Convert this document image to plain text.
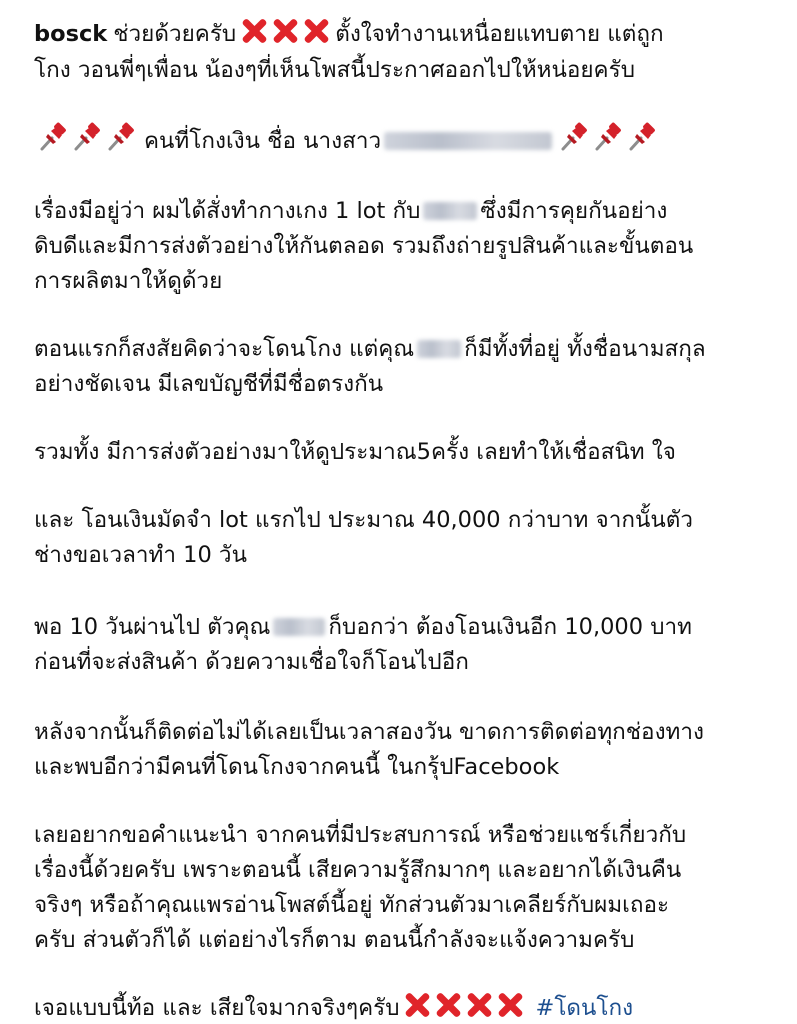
bosck ช่วยด้วยครับ	ตั้งใจทำงานเหนื่อยแทบตาย แต่ถูก
โกง วอนพี่ๆเพื่อน น้องๆที่เห็นโพสนี้ประกาศออกไปให้หน่อยครับ
คนที่โกงเงิน ชื่อ นางสาว
เรื่องมีอยู่ว่า ผมได้สั่งทำกางเกง 1 lot กับ	ซึ่งมีการคุยกันอย่าง
ดิบดีและมีการส่งตัวอย่างให้กันตลอด รวมถึงถ่ายรูปสินค้าและขั้นตอน
การผลิตมาให้ดูด้วย
ตอนแรกก็สงสัยคิดว่าจะโดนโกง แต่คุณ ก็มีทั้งที่อยู่ ทั้งชื่อนามสกุล
อย่างชัดเจน มีเลขบัญชีที่มีชื่อตรงกัน
รวมทั้ง มีการส่งตัวอย่างมาให้ดูประมาณ5ครั้ง เลยทำให้เชื่อสนิท ใจ
และ โอนเงินมัดจำ lot แรกไป ประมาณ 40,000 กว่าบาท จากนั้นตัว
ช่างขอเวลาทำ 10 วัน
พอ 10 วันผ่านไป ตัวคุณ	ก็บอกว่า ต้องโอนเงินอีก 10,000 บาท
ก่อนที่จะส่งสินค้า ด้วยความเชื่อใจก็โอนไปอีก
หลังจากนั้นก็ติดต่อไม่ได้เลยเป็นเวลาสองวัน ขาดการติดต่อทุกช่องทาง
และพบอีกว่ามีคนที่โดนโกงจากคนนี้ ในกรุ้ปFacebook
เลยอยากขอคำแนะนำ จากคนที่มีประสบการณ์ หรือช่วยแชร์เกี่ยวกับ
เรื่องนี้ด้วยครับ เพราะตอนนี้ เสียความรู้สึกมากๆ และอยากได้เงินคืน
จริงๆ หรือถ้าคุณแพรอ่านโพสต์นี้อยู่ ทักส่วนตัวมาเคลียร์กับผมเถอะ
ครับ ส่วนตัวก็ได้ แต่อย่างไรก็ตาม ตอนนี้กำลังจะแจ้งความครับ
เจอแบบนี้ท้อ และ เสียใจมากจริงๆครับ	#โดนโกง
